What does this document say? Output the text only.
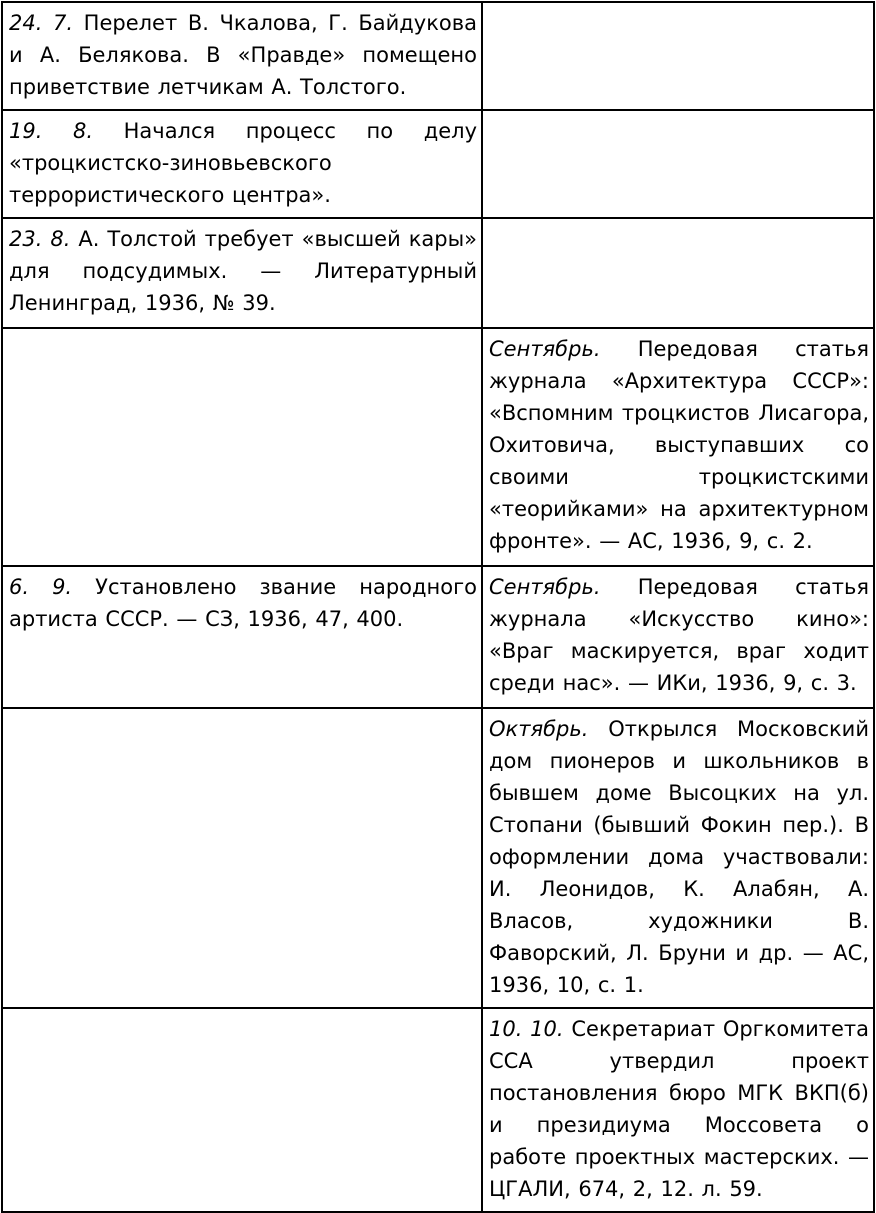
24. 7. Перелет В. Чкалова, Г. Байдукова и А. Белякова. В «Правде» помещено приветствие летчикам А. Толстого.	
19. 8. Начался процесс по делу «троцкистско-зиновьевского террористического центра».	
23. 8. А. Толстой требует «высшей кары» для подсудимых. — Литературный Ленинград, 1936, № 39.	
	Сентябрь. Передовая статья журнала «Архитектура СССР»: «Вспомним троцкистов Лисагора, Охитовича, выступавших со своими троцкистскими «теорийками» на архитектурном фронте». — АС, 1936, 9, с. 2.
6. 9. Установлено звание народного артиста СССР. — СЗ, 1936, 47, 400.	Сентябрь. Передовая статья журнала «Искусство кино»: «Враг маскируется, враг ходит среди нас». — ИКи, 1936, 9, с. 3.
	Октябрь. Открылся Московский дом пионеров и школьников в бывшем доме Высоцких на ул. Стопани (бывший Фокин пер.). В оформлении дома участвовали: И. Леонидов, К. Алабян, А. Власов, художники В. Фаворский, Л. Бруни и др. — АС, 1936, 10, с. 1.
	10. 10. Секретариат Оргкомитета ССА утвердил проект постановления бюро МГК ВКП(б) и президиума Моссовета о работе проектных мастерских. — ЦГАЛИ, 674, 2, 12. л. 59.
